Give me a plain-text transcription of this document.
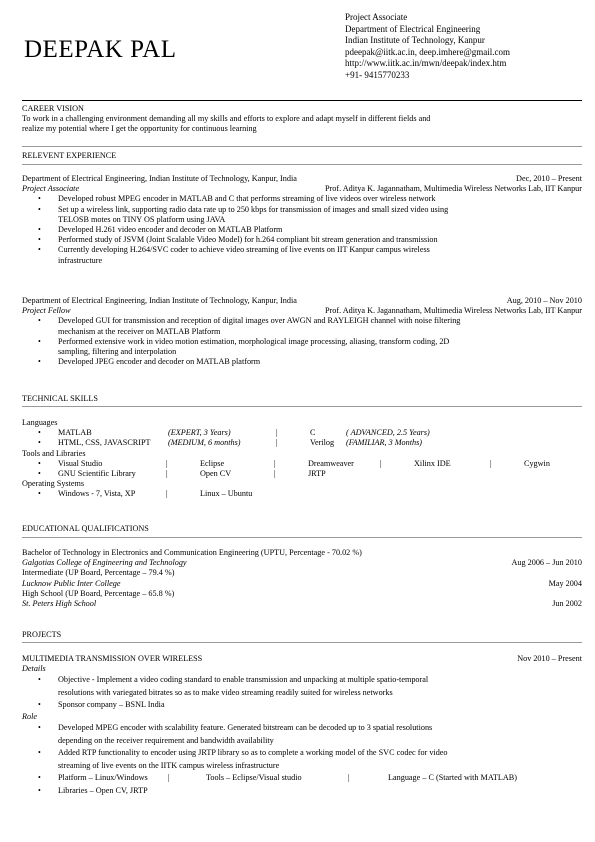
DEEPAK PAL
Project Associate
Department of Electrical Engineering
Indian Institute of Technology, Kanpur
pdeepak@iitk.ac.in, deep.imhere@gmail.com
http://www.iitk.ac.in/mwn/deepak/index.htm
+91- 9415770233
CAREER VISION
To work in a challenging environment demanding all my skills and efforts to explore and adapt myself in different fields and
realize my potential where I get the opportunity for continuous learning
RELEVENT EXPERIENCE
Department of Electrical Engineering, Indian Institute of Technology, Kanpur, India	Dec, 2010 – Present
Project Associate	Prof. Aditya K. Jagannatham, Multimedia Wireless Networks Lab, IIT Kanpur
• Developed robust MPEG encoder in MATLAB and C that performs streaming of live videos over wireless network
• Set up a wireless link, supporting radio data rate up to 250 kbps for transmission of images and small sized video using
TELOSB motes on TINY OS platform using JAVA
• Developed H.261 video encoder and decoder on MATLAB Platform
• Performed study of JSVM (Joint Scalable Video Model) for h.264 compliant bit stream generation and transmission
• Currently developing H.264/SVC coder to achieve video streaming of live events on IIT Kanpur campus wireless
infrastructure
Department of Electrical Engineering, Indian Institute of Technology, Kanpur, India	Aug, 2010 – Nov 2010
Project Fellow	Prof. Aditya K. Jagannatham, Multimedia Wireless Networks Lab, IIT Kanpur
• Developed GUI for transmission and reception of digital images over AWGN and RAYLEIGH channel with noise filtering
mechanism at the receiver on MATLAB Platform
• Performed extensive work in video motion estimation, morphological image processing, aliasing, transform coding, 2D
sampling, filtering and interpolation
• Developed JPEG encoder and decoder on MATLAB platform
TECHNICAL SKILLS
Languages
• MATLAB	(EXPERT, 3 Years)	|	C	( ADVANCED, 2.5 Years)
• HTML, CSS, JAVASCRIPT (MEDIUM, 6 months)	|	Verilog (FAMILIAR, 3 Months)
Tools and Libraries
• Visual Studio	|	Eclipse	|	Dreamweaver	|	Xilinx IDE	|	Cygwin
• GNU Scientific Library	|	Open CV	|	JRTP
Operating Systems
• Windows - 7, Vista, XP	|	Linux – Ubuntu
EDUCATIONAL QUALIFICATIONS
Bachelor of Technology in Electronics and Communication Engineering (UPTU, Percentage - 70.02 %)
Galgotias College of Engineering and Technology	Aug 2006 – Jun 2010
Intermediate (UP Board, Percentage – 79.4 %)
Lucknow Public Inter College	May 2004
High School (UP Board, Percentage – 65.8 %)
St. Peters High School	Jun 2002
PROJECTS
MULTIMEDIA TRANSMISSION OVER WIRELESS	Nov 2010 – Present
Details
• Objective - Implement a video coding standard to enable transmission and unpacking at multiple spatio-temporal
resolutions with variegated bitrates so as to make video streaming readily suited for wireless networks
• Sponsor company – BSNL India
Role
• Developed MPEG encoder with scalability feature. Generated bitstream can be decoded up to 3 spatial resolutions
depending on the receiver requirement and bandwidth availability
• Added RTP functionality to encoder using JRTP library so as to complete a working model of the SVC codec for video
streaming of live events on the IITK campus wireless infrastructure
• Platform – Linux/Windows |	Tools – Eclipse/Visual studio	|	Language – C (Started with MATLAB)
• Libraries – Open CV, JRTP
